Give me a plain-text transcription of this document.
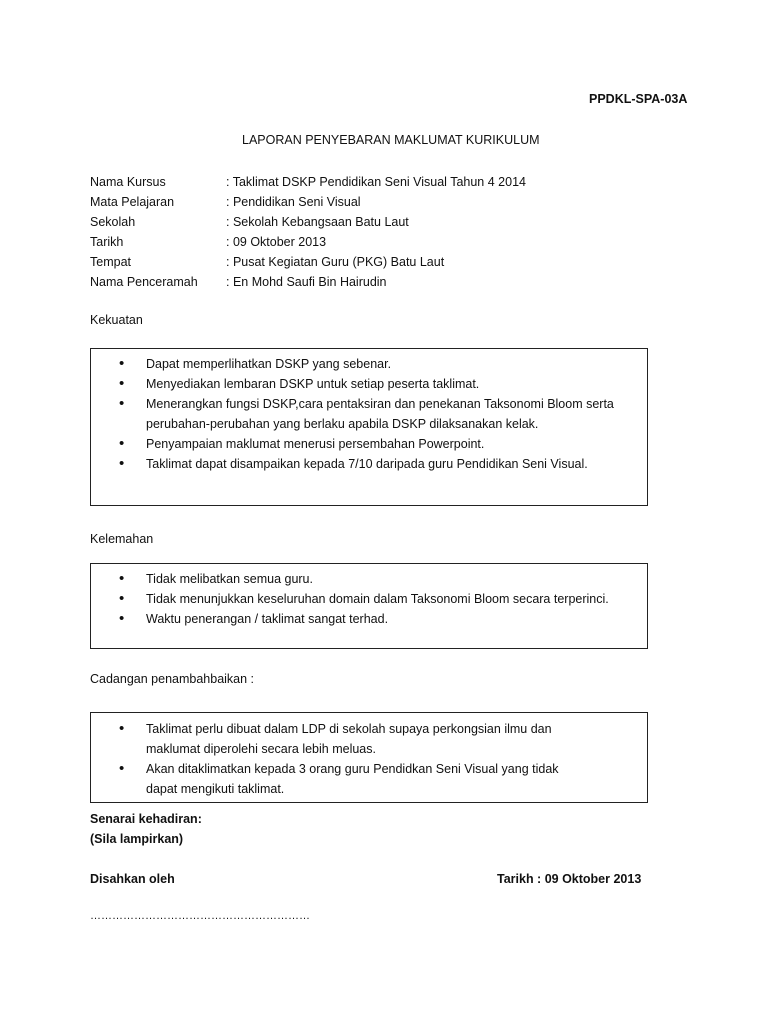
PPDKL-SPA-03A
LAPORAN PENYEBARAN MAKLUMAT KURIKULUM
Nama Kursus	: Taklimat DSKP Pendidikan Seni Visual Tahun 4 2014
Mata Pelajaran	: Pendidikan Seni Visual
Sekolah	: Sekolah Kebangsaan Batu Laut
Tarikh	: 09 Oktober 2013
Tempat	: Pusat Kegiatan Guru (PKG) Batu Laut
Nama Penceramah : En Mohd Saufi Bin Hairudin
Kekuatan
• Dapat memperlihatkan DSKP yang sebenar.
• Menyediakan lembaran DSKP untuk setiap peserta taklimat.
• Menerangkan fungsi DSKP,cara pentaksiran dan penekanan Taksonomi Bloom serta perubahan-perubahan yang berlaku apabila DSKP dilaksanakan kelak.
• Penyampaian maklumat menerusi persembahan Powerpoint.
• Taklimat dapat disampaikan kepada 7/10 daripada guru Pendidikan Seni Visual.
Kelemahan
• Tidak melibatkan semua guru.
• Tidak menunjukkan keseluruhan domain dalam Taksonomi Bloom secara terperinci.
• Waktu penerangan / taklimat sangat terhad.
Cadangan penambahbaikan :
• Taklimat perlu dibuat dalam LDP di sekolah supaya perkongsian ilmu dan maklumat diperolehi secara lebih meluas.
• Akan ditaklimatkan kepada 3 orang guru Pendidkan Seni Visual yang tidak dapat mengikuti taklimat.
Senarai kehadiran:
(Sila lampirkan)
Disahkan oleh	Tarikh : 09 Oktober 2013
……………………………………………………
